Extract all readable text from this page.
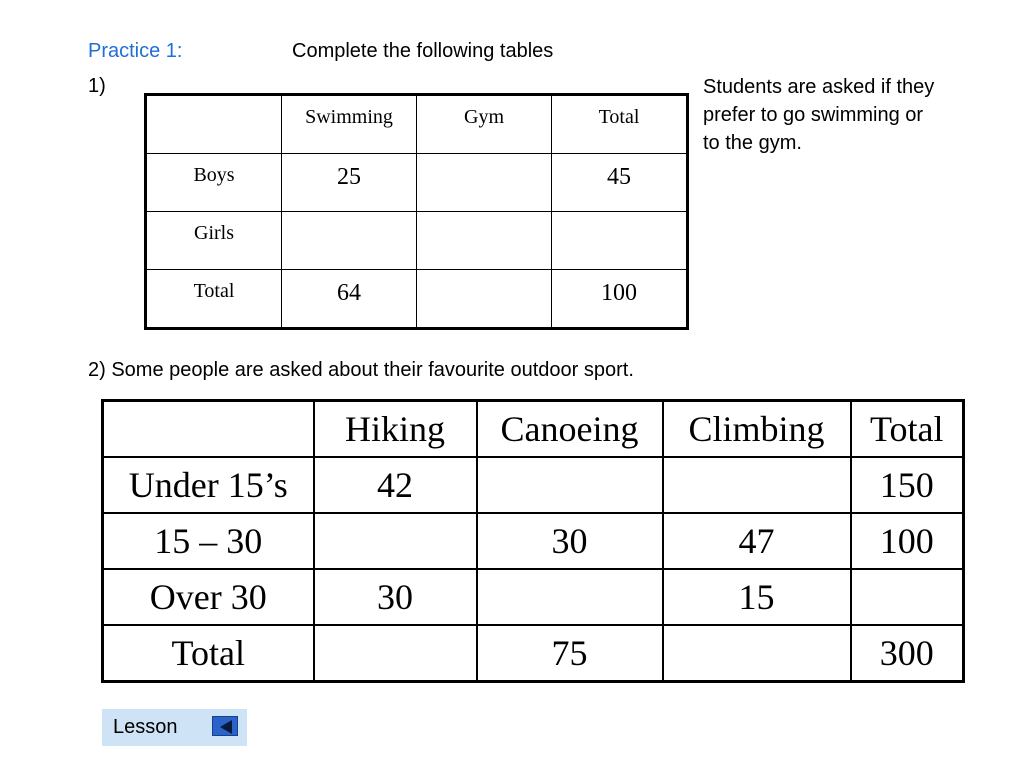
Practice 1:	Complete the following tables
1)	Students are asked if they prefer to go swimming or to the gym.

	Swimming	Gym	Total

Boys	25		45

Girls			

Total	64		100
2) Some people are asked about their favourite outdoor sport.
	Hiking	Canoeing	Climbing	Total
Under 15’s	42			150
15 – 30		30	47	100
Over 30	30		15	
Total		75		300
Lesson
